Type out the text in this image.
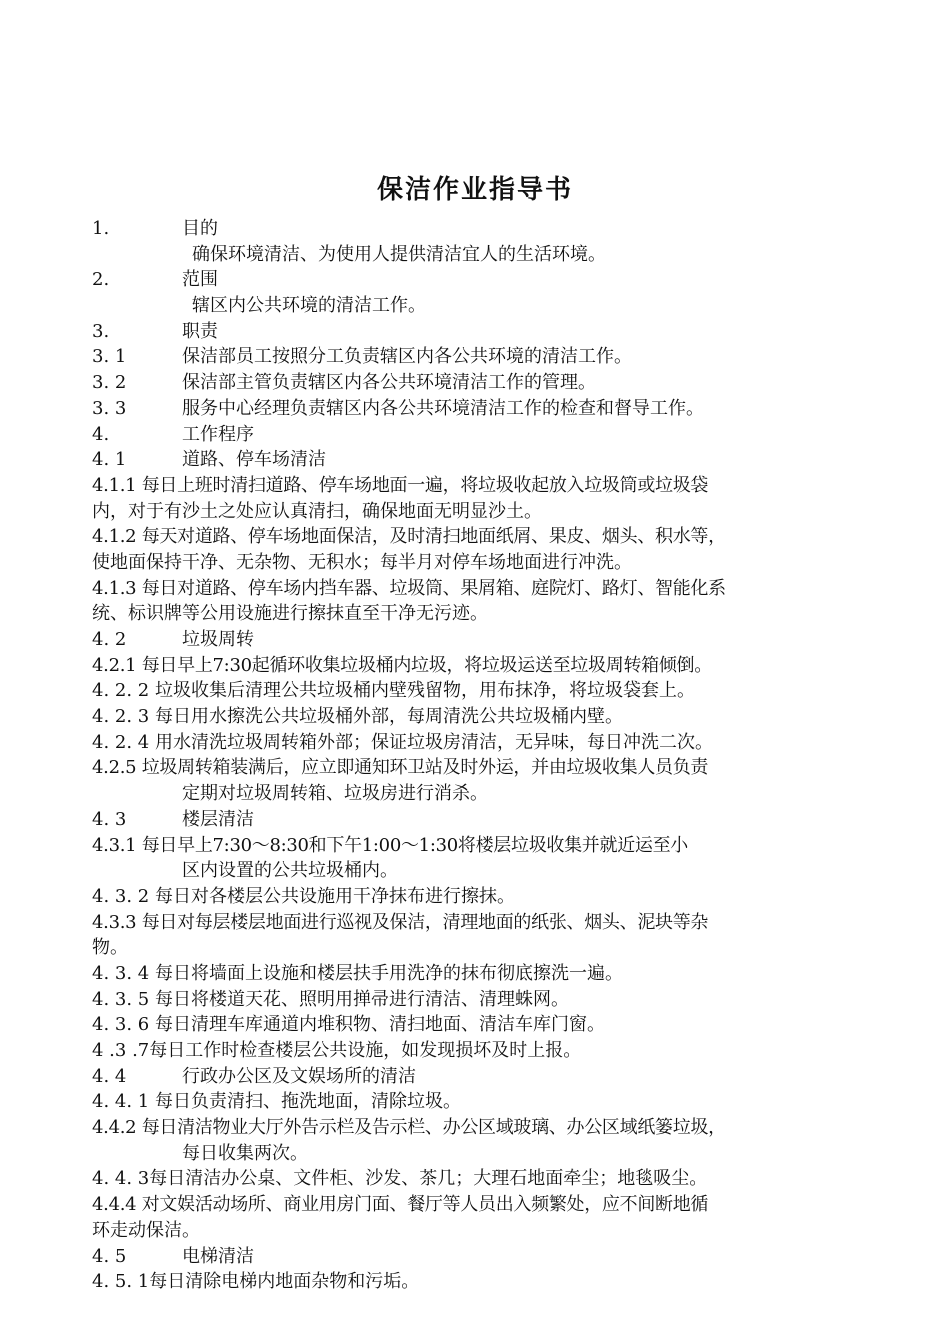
保洁作业指导书
1.	目的
确保环境清洁、为使用人提供清洁宜人的生活环境。
2.	范围
辖区内公共环境的清洁工作。
3.	职责
3. 1	保洁部员工按照分工负责辖区内各公共环境的清洁工作。
3. 2	保洁部主管负责辖区内各公共环境清洁工作的管理。
3. 3	服务中心经理负责辖区内各公共环境清洁工作的检查和督导工作。
4.	工作程序
4. 1	道路、停车场清洁
4.1.1 每日上班时清扫道路、停车场地面一遍，将垃圾收起放入垃圾筒或垃圾袋
内，对于有沙土之处应认真清扫，确保地面无明显沙土。
4.1.2 每天对道路、停车场地面保洁，及时清扫地面纸屑、果皮、烟头、积水等，
使地面保持干净、无杂物、无积水；每半月对停车场地面进行冲洗。
4.1.3 每日对道路、停车场内挡车器、垃圾筒、果屑箱、庭院灯、路灯、智能化系
统、标识牌等公用设施进行擦抹直至干净无污迹。
4. 2	垃圾周转
4.2.1 每日早上7:30起循环收集垃圾桶内垃圾，将垃圾运送至垃圾周转箱倾倒。
4. 2. 2 垃圾收集后清理公共垃圾桶内壁残留物，用布抹净，将垃圾袋套上。
4. 2. 3 每日用水擦洗公共垃圾桶外部，每周清洗公共垃圾桶内壁。
4. 2. 4 用水清洗垃圾周转箱外部；保证垃圾房清洁，无异味，每日冲洗二次。
4.2.5 垃圾周转箱装满后，应立即通知环卫站及时外运，并由垃圾收集人员负责
定期对垃圾周转箱、垃圾房进行消杀。
4. 3	楼层清洁
4.3.1 每日早上7:30～8:30和下午1:00～1:30将楼层垃圾收集并就近运至小
区内设置的公共垃圾桶内。
4. 3. 2 每日对各楼层公共设施用干净抹布进行擦抹。
4.3.3 每日对每层楼层地面进行巡视及保洁，清理地面的纸张、烟头、泥块等杂
物。
4. 3. 4 每日将墙面上设施和楼层扶手用洗净的抹布彻底擦洗一遍。
4. 3. 5 每日将楼道天花、照明用掸帚进行清洁、清理蛛网。
4. 3. 6 每日清理车库通道内堆积物、清扫地面、清洁车库门窗。
4 .3 .7每日工作时检查楼层公共设施，如发现损坏及时上报。
4. 4	行政办公区及文娱场所的清洁
4. 4. 1 每日负责清扫、拖洗地面，清除垃圾。
4.4.2 每日清洁物业大厅外告示栏及告示栏、办公区域玻璃、办公区域纸篓垃圾，
每日收集两次。
4. 4. 3每日清洁办公桌、文件柜、沙发、茶几；大理石地面牵尘；地毯吸尘。
4.4.4 对文娱活动场所、商业用房门面、餐厅等人员出入频繁处，应不间断地循
环走动保洁。
4. 5	电梯清洁
4. 5. 1每日清除电梯内地面杂物和污垢。
